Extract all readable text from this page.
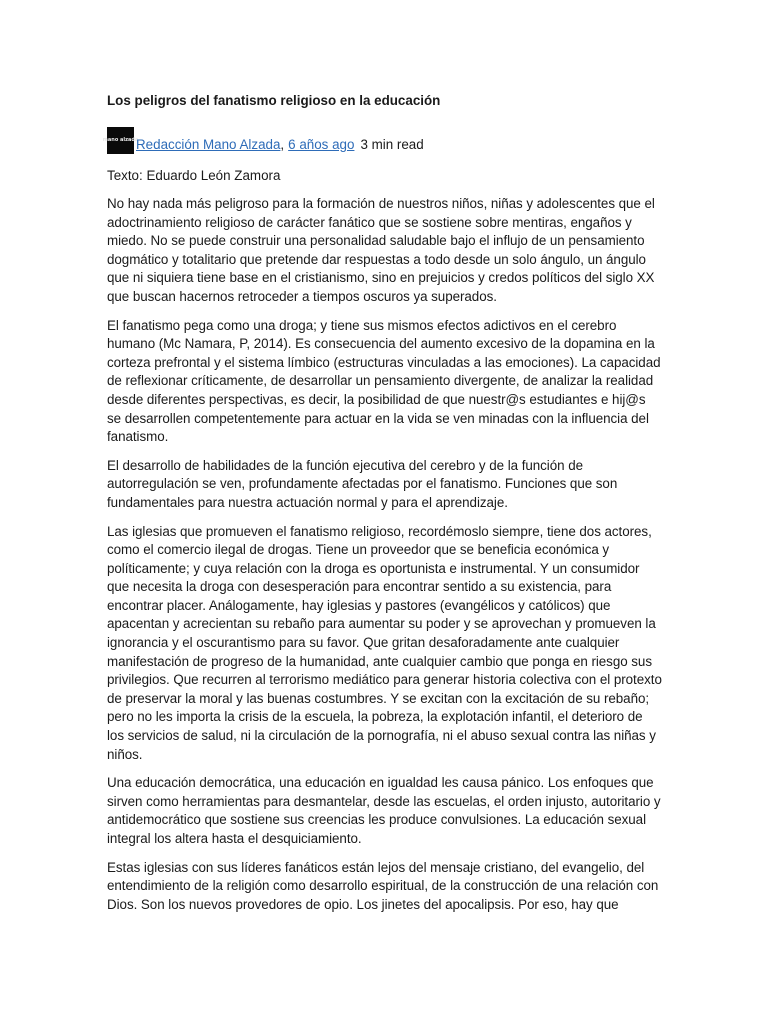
Los peligros del fanatismo religioso en la educación
mano alzada
Redacción Mano Alzada , 6 años ago 3 min read

Texto: Eduardo León Zamora

No hay nada más peligroso para la formación de nuestros niños, niñas y adolescentes que el adoctrinamiento religioso de carácter fanático que se sostiene sobre mentiras, engaños y miedo. No se puede construir una personalidad saludable bajo el influjo de un pensamiento dogmático y totalitario que pretende dar respuestas a todo desde un solo ángulo, un ángulo que ni siquiera tiene base en el cristianismo, sino en prejuicios y credos políticos del siglo XX que buscan hacernos retroceder a tiempos oscuros ya superados.

El fanatismo pega como una droga; y tiene sus mismos efectos adictivos en el cerebro humano (Mc Namara, P, 2014). Es consecuencia del aumento excesivo de la dopamina en la corteza prefrontal y el sistema límbico (estructuras vinculadas a las emociones). La capacidad de reflexionar críticamente, de desarrollar un pensamiento divergente, de analizar la realidad desde diferentes perspectivas, es decir, la posibilidad de que nuestr@s estudiantes e hij@s se desarrollen competentemente para actuar en la vida se ven minadas con la influencia del fanatismo.

El desarrollo de habilidades de la función ejecutiva del cerebro y de la función de autorregulación se ven, profundamente afectadas por el fanatismo. Funciones que son fundamentales para nuestra actuación normal y para el aprendizaje.

Las iglesias que promueven el fanatismo religioso, recordémoslo siempre, tiene dos actores, como el comercio ilegal de drogas. Tiene un proveedor que se beneficia económica y políticamente; y cuya relación con la droga es oportunista e instrumental. Y un consumidor que necesita la droga con desesperación para encontrar sentido a su existencia, para encontrar placer. Análogamente, hay iglesias y pastores (evangélicos y católicos) que apacentan y acrecientan su rebaño para aumentar su poder y se aprovechan y promueven la ignorancia y el oscurantismo para su favor. Que gritan desaforadamente ante cualquier manifestación de progreso de la humanidad, ante cualquier cambio que ponga en riesgo sus privilegios. Que recurren al terrorismo mediático para generar historia colectiva con el protexto de preservar la moral y las buenas costumbres. Y se excitan con la excitación de su rebaño; pero no les importa la crisis de la escuela, la pobreza, la explotación infantil, el deterioro de los servicios de salud, ni la circulación de la pornografía, ni el abuso sexual contra las niñas y niños.

Una educación democrática, una educación en igualdad les causa pánico. Los enfoques que sirven como herramientas para desmantelar, desde las escuelas, el orden injusto, autoritario y antidemocrático que sostiene sus creencias les produce convulsiones. La educación sexual integral los altera hasta el desquiciamiento.

Estas iglesias con sus líderes fanáticos están lejos del mensaje cristiano, del evangelio, del entendimiento de la religión como desarrollo espiritual, de la construcción de una relación con Dios. Son los nuevos provedores de opio. Los jinetes del apocalipsis. Por eso, hay que
